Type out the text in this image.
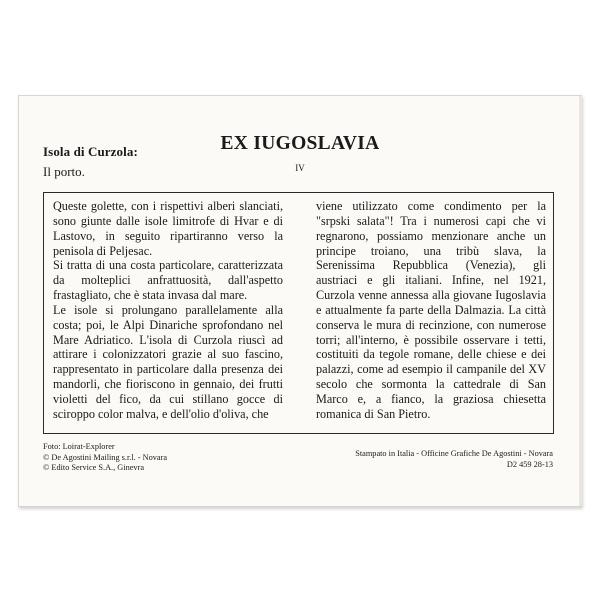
Isola di Curzola:
Il porto.
EX IUGOSLAVIA
IV

Queste golette, con i rispettivi alberi slanciati, sono giunte dalle isole limitrofe di Hvar e di Lastovo, in seguito ripartiranno verso la penisola di Peljesac.

Si tratta di una costa particolare, caratterizzata da molteplici anfrattuosità, dall'aspetto frastagliato, che è stata invasa dal mare.

Le isole si prolungano parallelamente alla costa; poi, le Alpi Dinariche sprofondano nel Mare Adriatico. L'isola di Curzola riuscì ad attirare i colonizzatori grazie al suo fascino, rappresentato in particolare dalla presenza dei mandorli, che fioriscono in gennaio, dei frutti violetti del fico, da cui stillano gocce di sciroppo color malva, e dell'olio d'oliva, che

viene utilizzato come condimento per la "srpski salata"! Tra i numerosi capi che vi regnarono, possiamo menzionare anche un principe troiano, una tribù slava, la Serenissima Repubblica (Venezia), gli austriaci e gli italiani. Infine, nel 1921, Curzola venne annessa alla giovane Iugoslavia e attualmente fa parte della Dalmazia. La città conserva le mura di recinzione, con numerose torri; all'interno, è possibile osservare i tetti, costituiti da tegole romane, delle chiese e dei palazzi, come ad esempio il campanile del XV secolo che sormonta la cattedrale di San Marco e, a fianco, la graziosa chiesetta romanica di San Pietro.

Foto: Loirat-Explorer
© De Agostini Mailing s.r.l. - Novara
© Edito Service S.A., Ginevra
Stampato in Italia - Officine Grafiche De Agostini - Novara
D2 459 28-13
